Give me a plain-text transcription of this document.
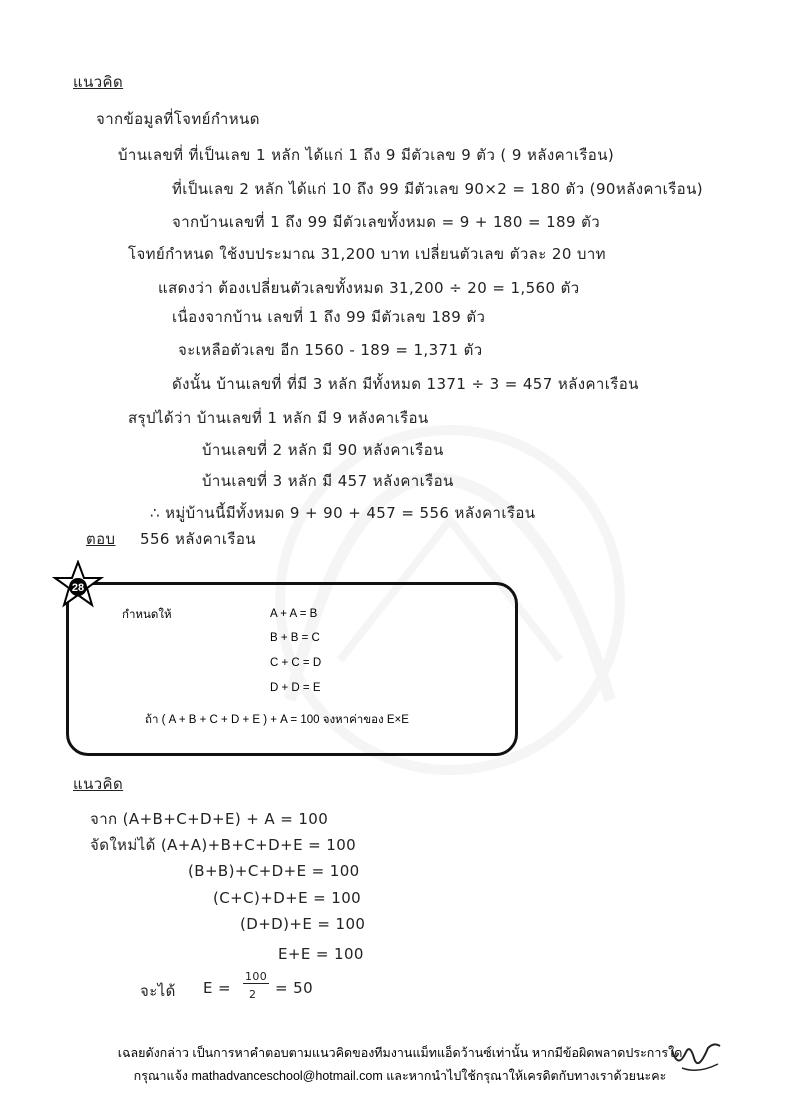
แนวคิด
จากข้อมูลที่โจทย์กำหนด
บ้านเลขที่ ที่เป็นเลข 1 หลัก ได้แก่ 1 ถึง 9 มีตัวเลข 9 ตัว ( 9 หลังคาเรือน)
ที่เป็นเลข 2 หลัก ได้แก่ 10 ถึง 99 มีตัวเลข 90×2 = 180 ตัว (90หลังคาเรือน)
จากบ้านเลขที่ 1 ถึง 99 มีตัวเลขทั้งหมด = 9 + 180 = 189 ตัว
โจทย์กำหนด ใช้งบประมาณ 31,200 บาท เปลี่ยนตัวเลข ตัวละ 20 บาท
แสดงว่า ต้องเปลี่ยนตัวเลขทั้งหมด 31,200 ÷ 20 = 1,560 ตัว
เนื่องจากบ้าน เลขที่ 1 ถึง 99 มีตัวเลข 189 ตัว
จะเหลือตัวเลข อีก 1560 - 189 = 1,371 ตัว
ดังนั้น บ้านเลขที่ ที่มี 3 หลัก มีทั้งหมด 1371 ÷ 3 = 457 หลังคาเรือน
สรุปได้ว่า บ้านเลขที่ 1 หลัก มี 9 หลังคาเรือน
บ้านเลขที่ 2 หลัก มี 90 หลังคาเรือน
บ้านเลขที่ 3 หลัก มี 457 หลังคาเรือน
∴ หมู่บ้านนี้มีทั้งหมด 9 + 90 + 457 = 556 หลังคาเรือน
ตอบ 556 หลังคาเรือน
28
กำหนดให้	A + A = B
B + B = C
C + C = D
D + D = E
ถ้า ( A + B + C + D + E ) + A = 100 จงหาค่าของ E×E
แนวคิด
จาก (A+B+C+D+E) + A = 100
จัดใหม่ได้ (A+A)+B+C+D+E = 100
(B+B)+C+D+E = 100
(C+C)+D+E = 100
(D+D)+E = 100
E+E = 100
จะได้ E =
100
2 = 50
เฉลยดังกล่าว เป็นการหาคำตอบตามแนวคิดของทีมงานแม็ทแอ็ดว้านซ์เท่านั้น หากมีข้อผิดพลาดประการใด
กรุณาแจ้ง mathadvanceschool@hotmail.com และหากนำไปใช้กรุณาให้เครดิตกับทางเราด้วยนะคะ
